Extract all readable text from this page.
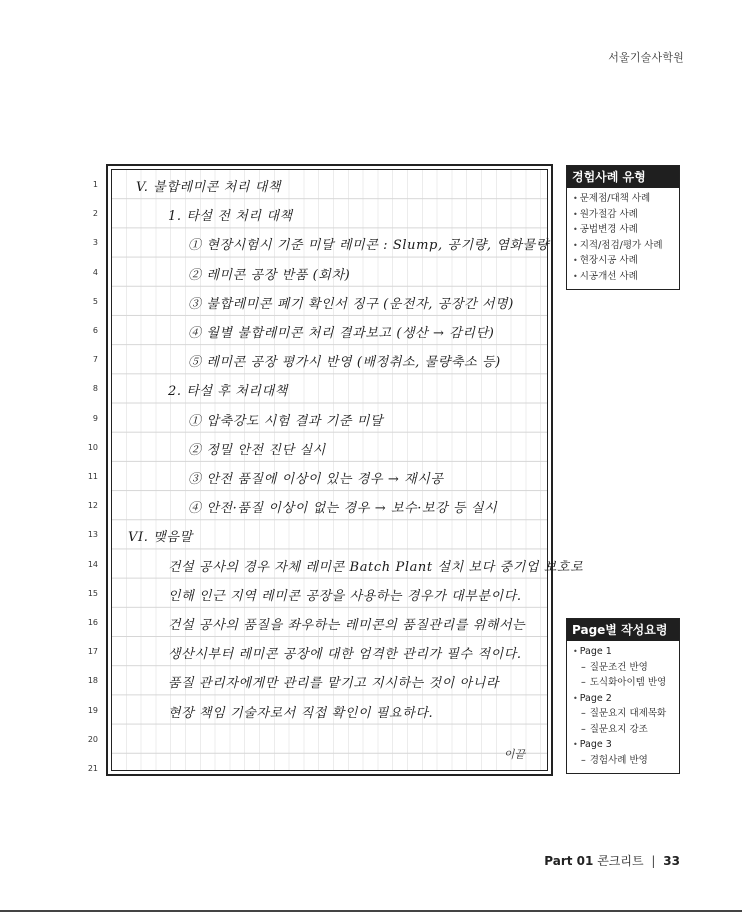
서울기술사학원
1
2
3
4
5
6
7
8
9
10
11
12
13
14
15
16
17
18
19
20
21
이끝
V. 불합레미콘 처리 대책
1. 타설 전 처리 대책
① 현장시험시 기준 미달 레미콘 : Slump, 공기량, 염화물량
② 레미콘 공장 반품 (회차)
③ 불합레미콘 폐기 확인서 징구 (운전자, 공장간 서명)
④ 월별 불합레미콘 처리 결과보고 (생산 → 감리단)
⑤ 레미콘 공장 평가시 반영 (배정취소, 물량축소 등)
2. 타설 후 처리대책
① 압축강도 시험 결과 기준 미달
② 정밀 안전 진단 실시
③ 안전 품질에 이상이 있는 경우 → 재시공
④ 안전·품질 이상이 없는 경우 → 보수·보강 등 실시
VI. 맺음말
건설 공사의 경우 자체 레미콘 Batch Plant 설치 보다 중기업 보호로
인해 인근 지역 레미콘 공장을 사용하는 경우가 대부분이다.
건설 공사의 품질을 좌우하는 레미콘의 품질관리를 위해서는
생산시부터 레미콘 공장에 대한 엄격한 관리가 필수 적이다.
품질 관리자에게만 관리를 맡기고 지시하는 것이 아니라
현장 책임 기술자로서 직접 확인이 필요하다.
경험사례 유형
• 문제점/대책 사례
• 원가절감 사례
• 공법변경 사례
• 지적/점검/평가 사례
• 현장시공 사례
• 시공개선 사례
Page별 작성요령
• Page 1
– 질문조건 반영
– 도식화아이템 반영
• Page 2
– 질문요지 대제목화
– 질문요지 강조
• Page 3
– 경험사례 반영
Part 01 콘크리트 | 33
